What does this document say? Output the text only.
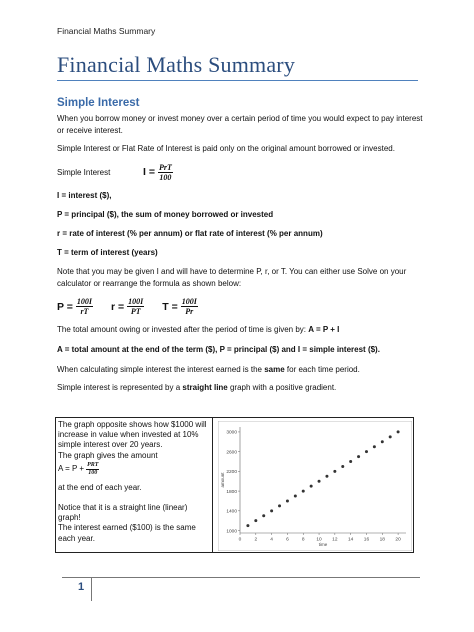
Financial Maths Summary
Financial Maths Summary
Simple Interest
When you borrow money or invest money over a certain period of time you would expect to pay interest or receive interest.
Simple Interest or Flat Rate of Interest is paid only on the original amount borrowed or invested.
Simple Interest	$I = \frac{\text{PrT}}{100}$
I = interest ($),
P = principal ($), the sum of money borrowed or invested
r = rate of interest (% per annum) or flat rate of interest (% per annum)
T = term of interest (years)
Note that you may be given I and will have to determine P, r, or T. You can either use Solve on your calculator or rearrange the formula as shown below:
$P = \frac{100I}{rT}$ $r = \frac{100I}{PT}$ $T = \frac{100I}{Pr}$
The total amount owing or invested after the period of time is given by: A = P + I
A = total amount at the end of the term ($), P = principal ($) and I = simple interest ($).
When calculating simple interest the interest earned is the same for each time period.
Simple interest is represented by a straight line graph with a positive gradient.
The graph opposite shows how $1000 will increase in value when invested at 10% simple interest over 20 years.
The graph gives the amount
$A = P + \frac{\text{PRT}}{100}$
at the end of each year.
Notice that it is a straight line (linear) graph!
The interest earned ($100) is the same each year.
1000
1400
1800
2200
2600
3000
0	2	4	6	8 10 12 14 16 18 20
time
amount
1
